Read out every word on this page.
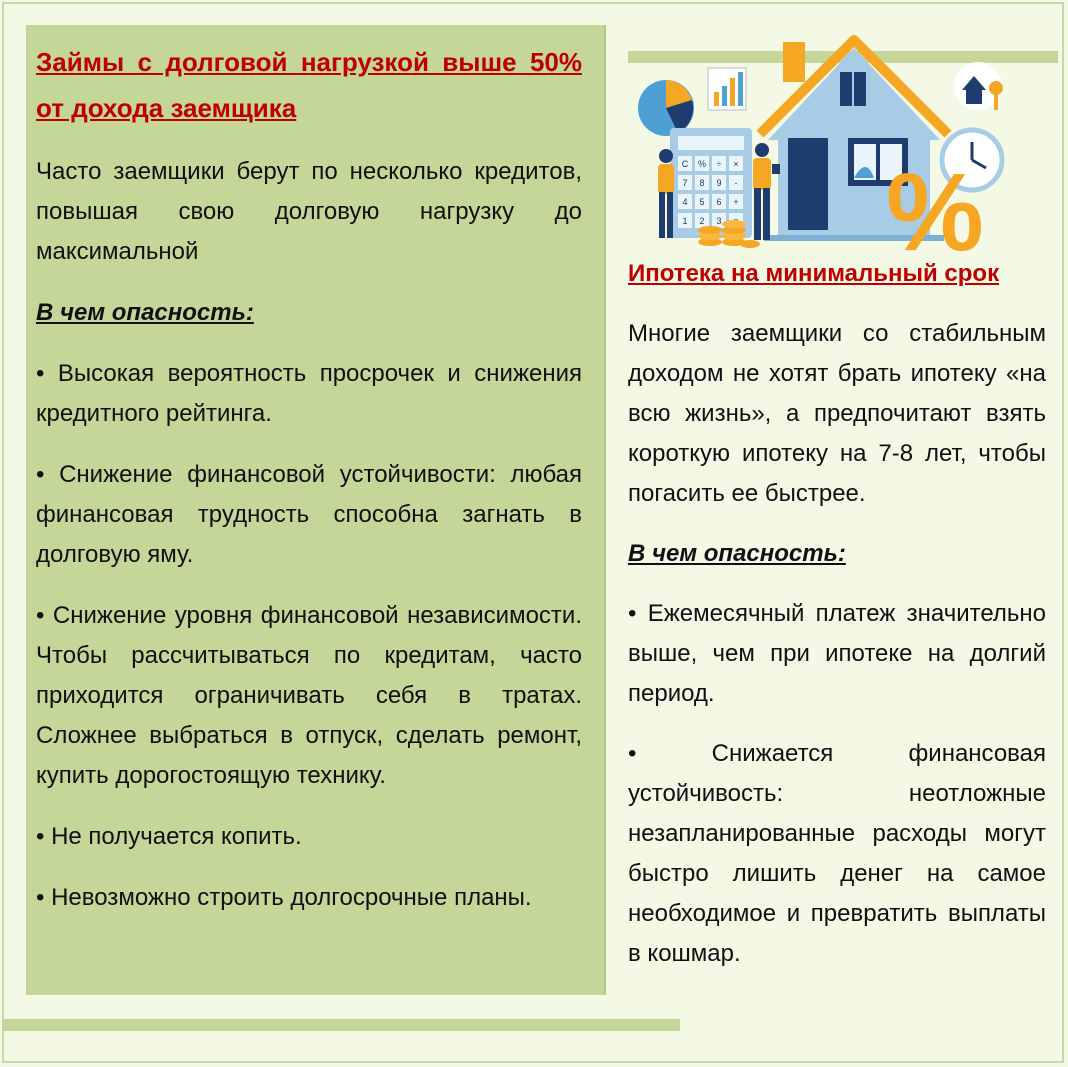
Займы с долговой нагрузкой выше 50% от дохода заемщика

Часто заемщики берут по несколько кредитов, повышая свою долговую нагрузку до максимальной

В чем опасность:

• Высокая вероятность просрочек и снижения кредитного рейтинга.

• Снижение финансовой устойчивости: любая финансовая трудность способна загнать в долговую яму.

• Снижение уровня финансовой независимости. Чтобы рассчитываться по кредитам, часто приходится ограничивать себя в тратах. Сложнее выбраться в отпуск, сделать ремонт, купить дорогостоящую технику.

• Не получается копить.

• Невозможно строить долгосрочные планы.

C % ÷ ×
7 8 9 -
4 5 6 +
1 2 3 %
Ипотека на минимальный срок

Многие заемщики со стабильным доходом не хотят брать ипотеку «на всю жизнь», а предпочитают взять короткую ипотеку на 7-8 лет, чтобы погасить ее быстрее.

В чем опасность:

• Ежемесячный платеж значительно выше, чем при ипотеке на долгий период.

• Снижается финансовая устойчивость: неотложные незапланированные расходы могут быстро лишить денег на самое необходимое и превратить выплаты в кошмар.
